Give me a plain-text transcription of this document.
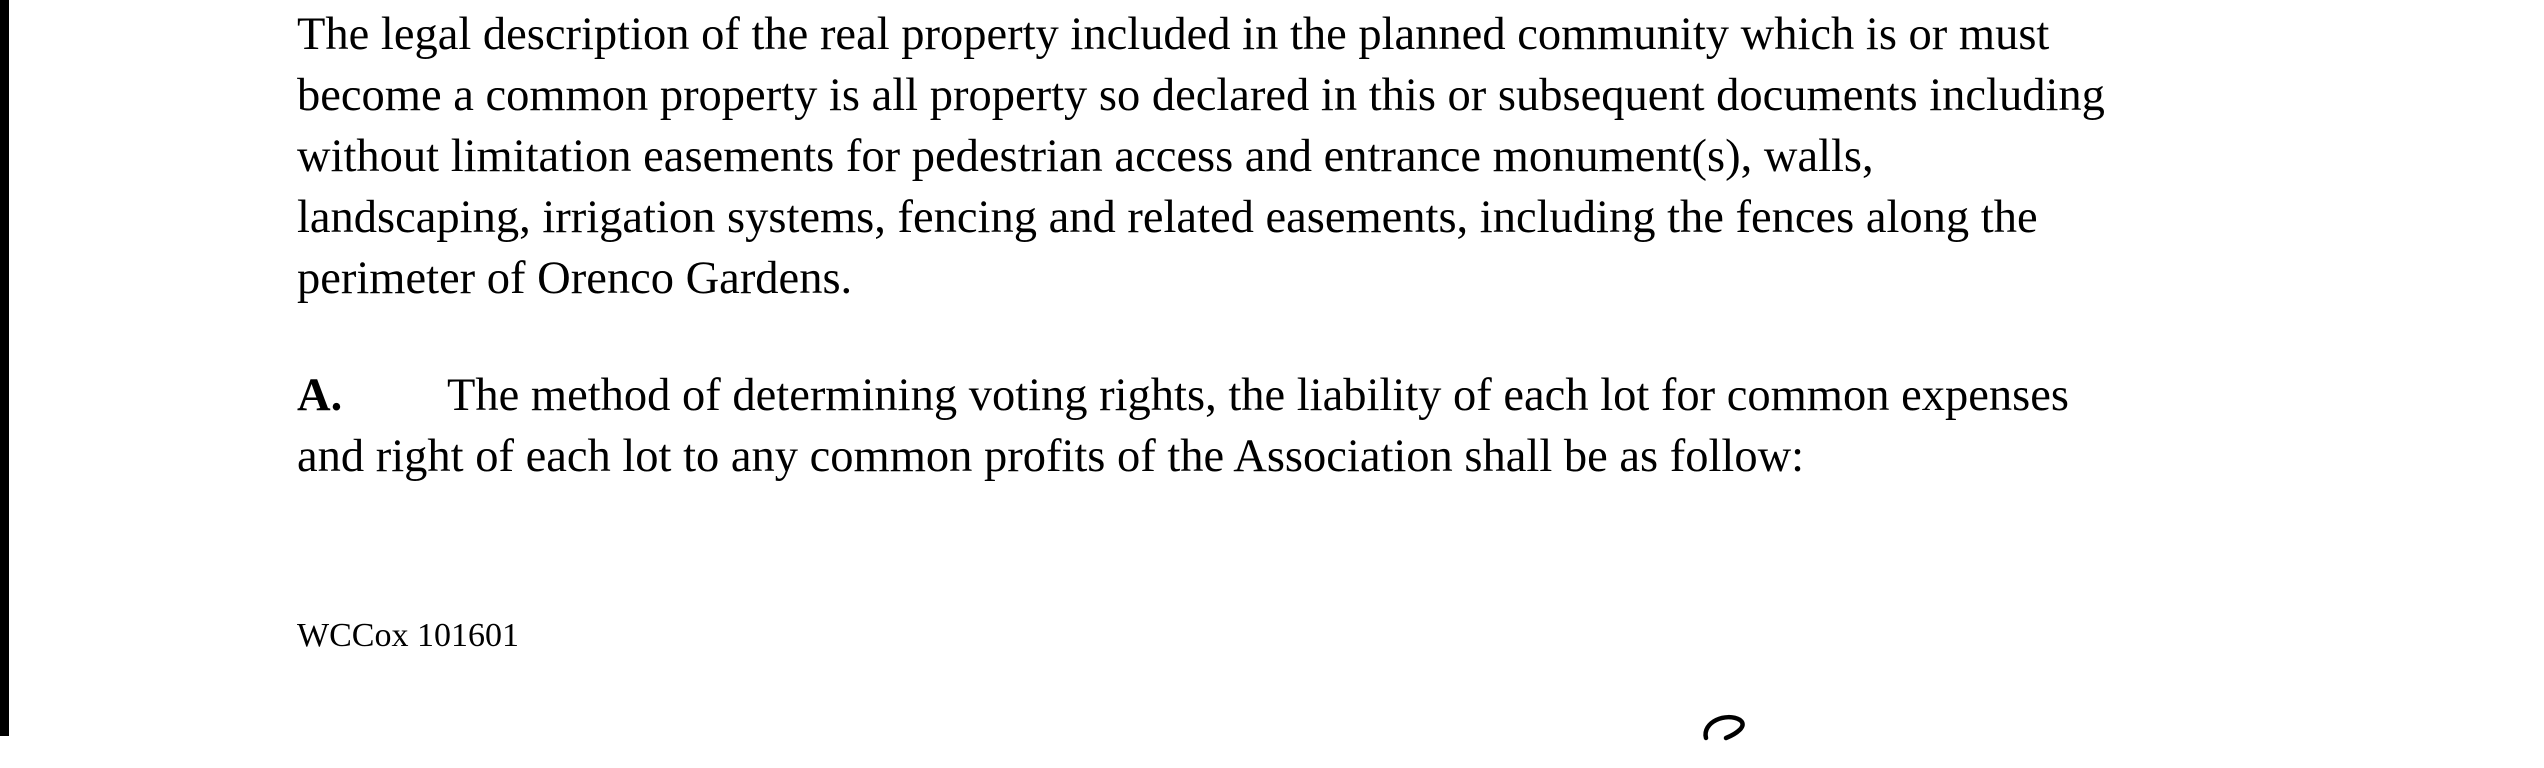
The legal description of the real property included in the planned community which is or must
become a common property is all property so declared in this or subsequent documents including
without limitation easements for pedestrian access and entrance monument(s), walls,
landscaping, irrigation systems, fencing and related easements, including the fences along the
perimeter of Orenco Gardens.

A. The method of determining voting rights, the liability of each lot for common expenses
and right of each lot to any common profits of the Association shall be as follow:

WCCox 101601
